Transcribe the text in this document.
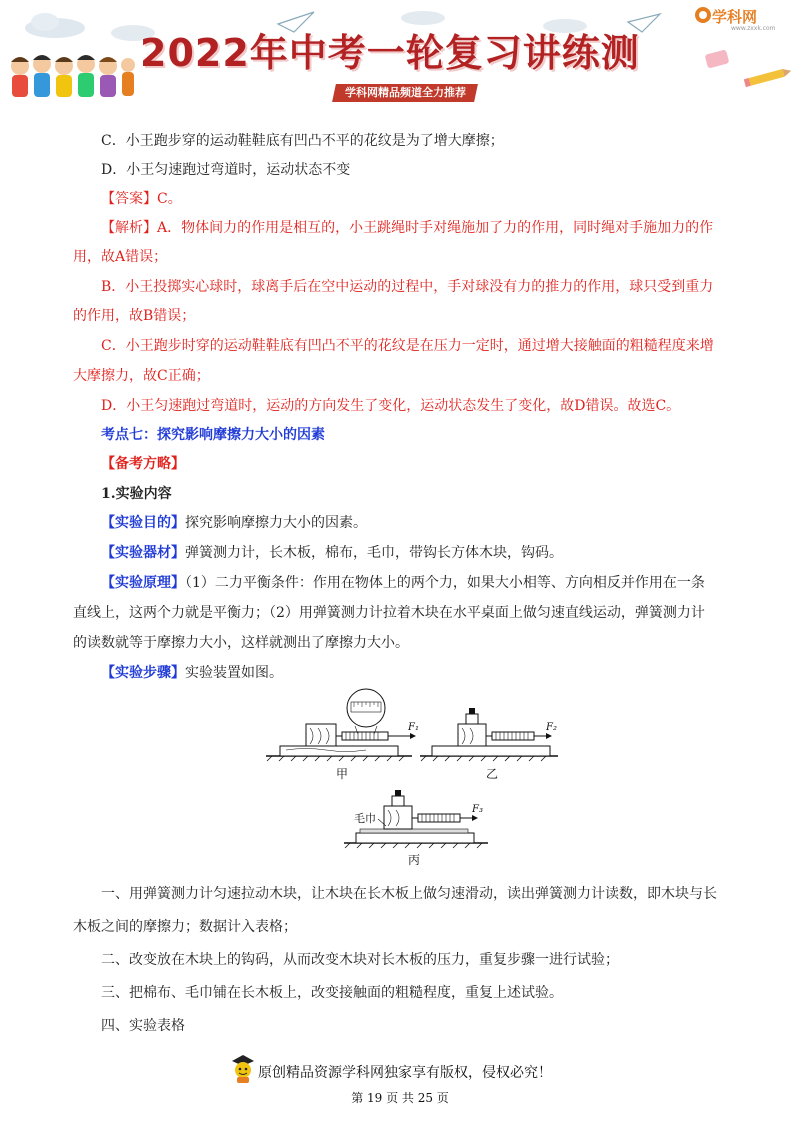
2022年中考一轮复习讲练测
学科网精品频道全力推荐
学科网
www.zxxk.com
C．小王跑步穿的运动鞋鞋底有凹凸不平的花纹是为了增大摩擦；
D．小王匀速跑过弯道时，运动状态不变
【答案】C。
【解析】A．物体间力的作用是相互的，小王跳绳时手对绳施加了力的作用，同时绳对手施加力的作
用，故A错误；
B．小王投掷实心球时，球离手后在空中运动的过程中，手对球没有力的推力的作用，球只受到重力
的作用，故B错误；
C．小王跑步时穿的运动鞋鞋底有凹凸不平的花纹是在压力一定时，通过增大接触面的粗糙程度来增
大摩擦力，故C正确；
D．小王匀速跑过弯道时，运动的方向发生了变化，运动状态发生了变化，故D错误。故选C。
考点七：探究影响摩擦力大小的因素
【备考方略】
1.实验内容
【实验目的】探究影响摩擦力大小的因素。
【实验器材】弹簧测力计，长木板，棉布，毛巾，带钩长方体木块，钩码。
【实验原理】（1）二力平衡条件：作用在物体上的两个力，如果大小相等、方向相反并作用在一条
直线上，这两个力就是平衡力；（2）用弹簧测力计拉着木块在水平桌面上做匀速直线运动，弹簧测力计
的读数就等于摩擦力大小，这样就测出了摩擦力大小。
【实验步骤】实验装置如图。
F₁
甲
F₂
乙
F₃
毛巾
丙
一、用弹簧测力计匀速拉动木块，让木块在长木板上做匀速滑动，读出弹簧测力计读数，即木块与长
木板之间的摩擦力；数据计入表格；
二、改变放在木块上的钩码，从而改变木块对长木板的压力，重复步骤一进行试验；
三、把棉布、毛巾铺在长木板上，改变接触面的粗糙程度，重复上述试验。
四、实验表格
原创精品资源学科网独家享有版权，侵权必究！
第 19 页 共 25 页
